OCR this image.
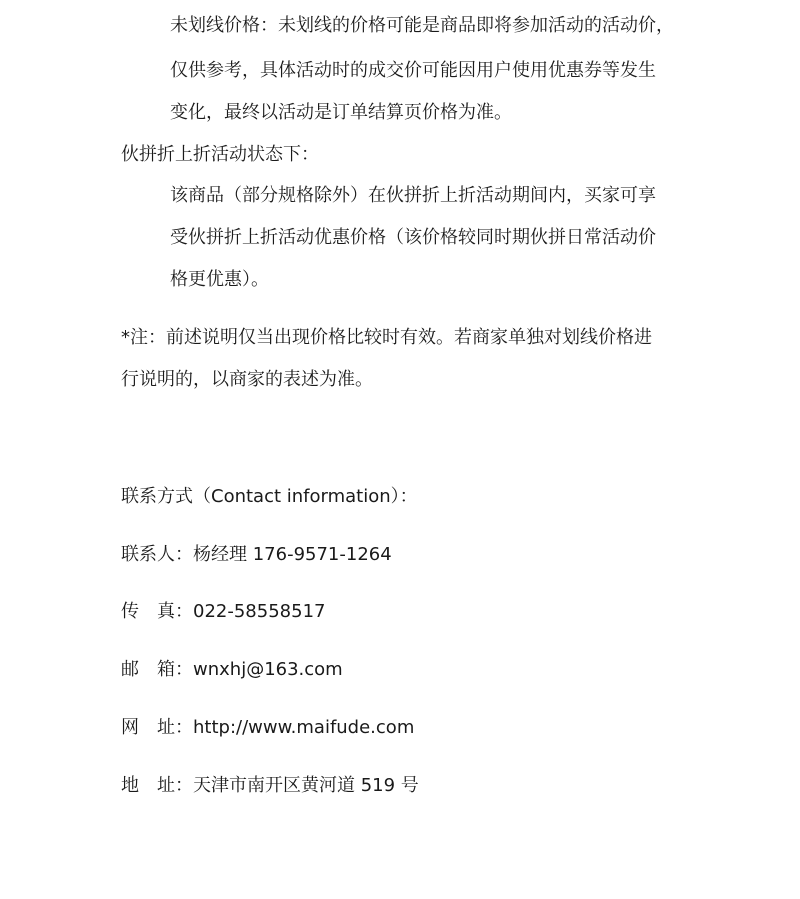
未划线价格：未划线的价格可能是商品即将参加活动的活动价，
仅供参考，具体活动时的成交价可能因用户使用优惠券等发生
变化，最终以活动是订单结算页价格为准。
伙拼折上折活动状态下：
该商品（部分规格除外）在伙拼折上折活动期间内，买家可享
受伙拼折上折活动优惠价格（该价格较同时期伙拼日常活动价
格更优惠）。
*注：前述说明仅当出现价格比较时有效。若商家单独对划线价格进
行说明的，以商家的表述为准。
联系方式（Contact information）：
联系人：杨经理 176-9571-1264
传　真：022-58558517
邮　箱：wnxhj@163.com
网　址：http://www.maifude.com
地　址：天津市南开区黄河道 519 号
